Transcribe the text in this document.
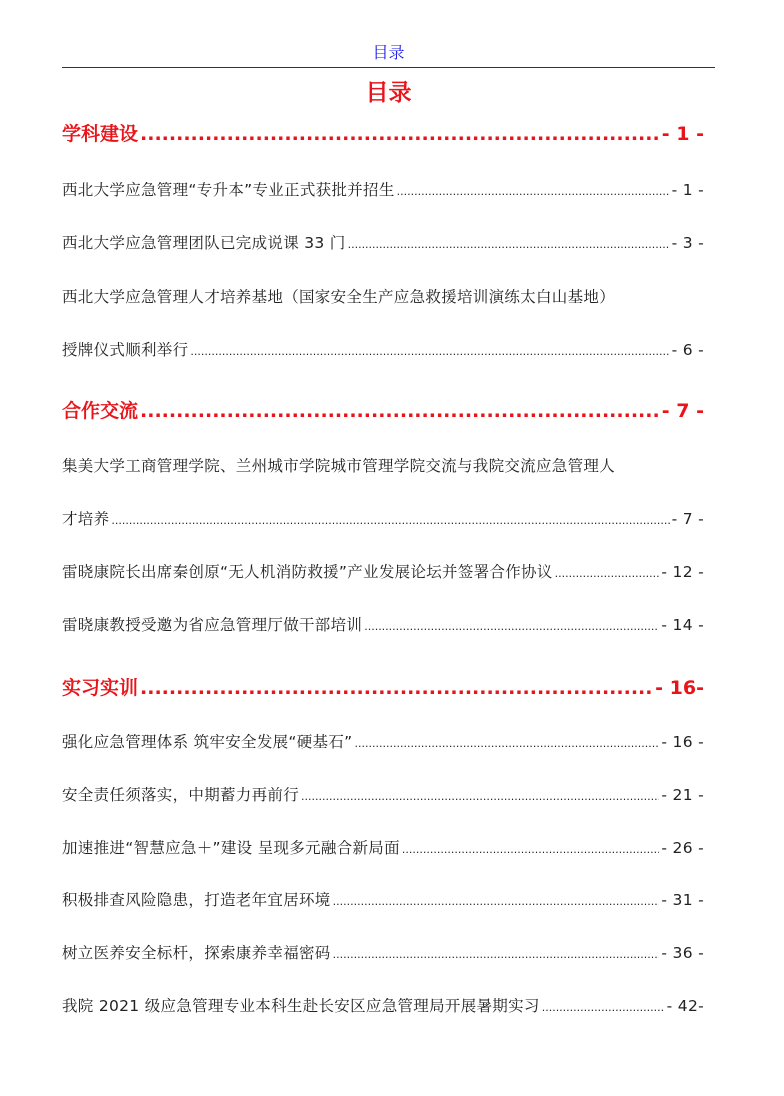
目录
目录
学科建设 .....	- 1 -
西北大学应急管理“专升本”专业正式获批并招生 .....	- 1 -
西北大学应急管理团队已完成说课 33 门 .....	- 3 -
西北大学应急管理人才培养基地（国家安全生产应急救援培训演练太白山基地）
授牌仪式顺利举行 .....	- 6 -
合作交流 .....	- 7 -
集美大学工商管理学院、兰州城市学院城市管理学院交流与我院交流应急管理人
才培养 .....	- 7 -
雷晓康院长出席秦创原“无人机消防救援”产业发展论坛并签署合作协议 .....	- 12 -
雷晓康教授受邀为省应急管理厅做干部培训 .....	- 14 -
实习实训 .....	- 16-
强化应急管理体系 筑牢安全发展“硬基石” .....	- 16 -
安全责任须落实，中期蓄力再前行 .....	- 21 -
加速推进“智慧应急＋”建设 呈现多元融合新局面 .....	- 26 -
积极排查风险隐患，打造老年宜居环境 .....	- 31 -
树立医养安全标杆，探索康养幸福密码 .....	- 36 -
我院 2021 级应急管理专业本科生赴长安区应急管理局开展暑期实习 .....	- 42-
